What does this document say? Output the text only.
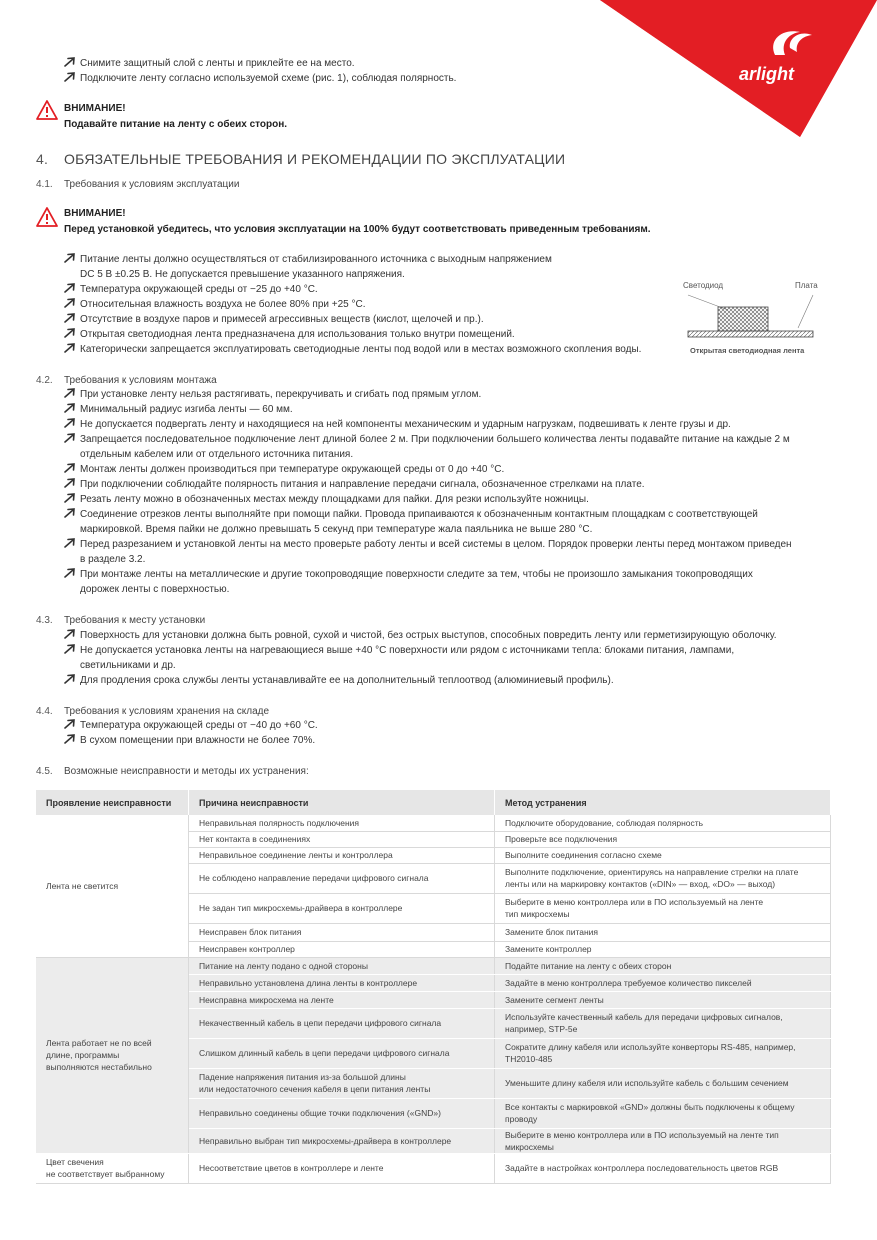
arlight
Снимите защитный слой с ленты и приклейте ее на место.
Подключите ленту согласно используемой схеме (рис. 1), соблюдая полярность.
ВНИМАНИЕ!
Подавайте питание на ленту с обеих сторон.
4. ОБЯЗАТЕЛЬНЫЕ ТРЕБОВАНИЯ И РЕКОМЕНДАЦИИ ПО ЭКСПЛУАТАЦИИ
4.1. Требования к условиям эксплуатации
ВНИМАНИЕ!
Перед установкой убедитесь, что условия эксплуатации на 100% будут соответствовать приведенным требованиям.
Питание ленты должно осуществляться от стабилизированного источника с выходным напряжением
DC 5 В ±0.25 В. Не допускается превышение указанного напряжения.
Температура окружающей среды от −25 до +40 °C.
Относительная влажность воздуха не более 80% при +25 °C.
Отсутствие в воздухе паров и примесей агрессивных веществ (кислот, щелочей и пр.).
Открытая светодиодная лента предназначена для использования только внутри помещений.
Категорически запрещается эксплуатировать светодиодные ленты под водой или в местах возможного скопления воды.
Светодиод	Плата
Открытая светодиодная лента
4.2. Требования к условиям монтажа
При установке ленту нельзя растягивать, перекручивать и сгибать под прямым углом.
Минимальный радиус изгиба ленты — 60 мм.
Не допускается подвергать ленту и находящиеся на ней компоненты механическим и ударным нагрузкам, подвешивать к ленте грузы и др.
Запрещается последовательное подключение лент длиной более 2 м. При подключении большего количества ленты подавайте питание на каждые 2 м
отдельным кабелем или от отдельного источника питания.
Монтаж ленты должен производиться при температуре окружающей среды от 0 до +40 °C.
При подключении соблюдайте полярность питания и направление передачи сигнала, обозначенное стрелками на плате.
Резать ленту можно в обозначенных местах между площадками для пайки. Для резки используйте ножницы.
Соединение отрезков ленты выполняйте при помощи пайки. Провода припаиваются к обозначенным контактным площадкам с соответствующей
маркировкой. Время пайки не должно превышать 5 секунд при температуре жала паяльника не выше 280 °C.
Перед разрезанием и установкой ленты на место проверьте работу ленты и всей системы в целом. Порядок проверки ленты перед монтажом приведен
в разделе 3.2.
При монтаже ленты на металлические и другие токопроводящие поверхности следите за тем, чтобы не произошло замыкания токопроводящих
дорожек ленты с поверхностью.
4.3. Требования к месту установки
Поверхность для установки должна быть ровной, сухой и чистой, без острых выступов, способных повредить ленту или герметизирующую оболочку.
Не допускается установка ленты на нагревающиеся выше +40 °C поверхности или рядом с источниками тепла: блоками питания, лампами,
светильниками и др.
Для продления срока службы ленты устанавливайте ее на дополнительный теплоотвод (алюминиевый профиль).
4.4. Требования к условиям хранения на складе
Температура окружающей среды от −40 до +60 °C.
В сухом помещении при влажности не более 70%.
4.5. Возможные неисправности и методы их устранения:
Проявление неисправности	Причина неисправности	Метод устранения
Лента не светится	Неправильная полярность подключения	Подключите оборудование, соблюдая полярность
	Нет контакта в соединениях	Проверьте все подключения
	Неправильное соединение ленты и контроллера	Выполните соединения согласно схеме
	Не соблюдено направление передачи цифрового сигнала	Выполните подключение, ориентируясь на направление стрелки на плате
ленты или на маркировку контактов («DIN» — вход, «DO» — выход)
	Не задан тип микросхемы-драйвера в контроллере	Выберите в меню контроллера или в ПО используемый на ленте
тип микросхемы
	Неисправен блок питания	Замените блок питания
	Неисправен контроллер	Замените контроллер
Лента работает не по всей
длине, программы
выполняются нестабильно	Питание на ленту подано с одной стороны	Подайте питание на ленту с обеих сторон
	Неправильно установлена длина ленты в контроллере	Задайте в меню контроллера требуемое количество пикселей
	Неисправна микросхема на ленте	Замените сегмент ленты
	Некачественный кабель в цепи передачи цифрового сигнала	Используйте качественный кабель для передачи цифровых сигналов,
например, STP-5e
	Слишком длинный кабель в цепи передачи цифрового сигнала	Сократите длину кабеля или используйте конверторы RS-485, например,
TH2010-485
	Падение напряжения питания из-за большой длины
или недостаточного сечения кабеля в цепи питания ленты	Уменьшите длину кабеля или используйте кабель с большим сечением
	Неправильно соединены общие точки подключения («GND»)	Все контакты с маркировкой «GND» должны быть подключены к общему
проводу
	Неправильно выбран тип микросхемы-драйвера в контроллере	Выберите в меню контроллера или в ПО используемый на ленте тип микросхемы
Цвет свечения
не соответствует выбранному	Несоответствие цветов в контроллере и ленте	Задайте в настройках контроллера последовательность цветов RGB
